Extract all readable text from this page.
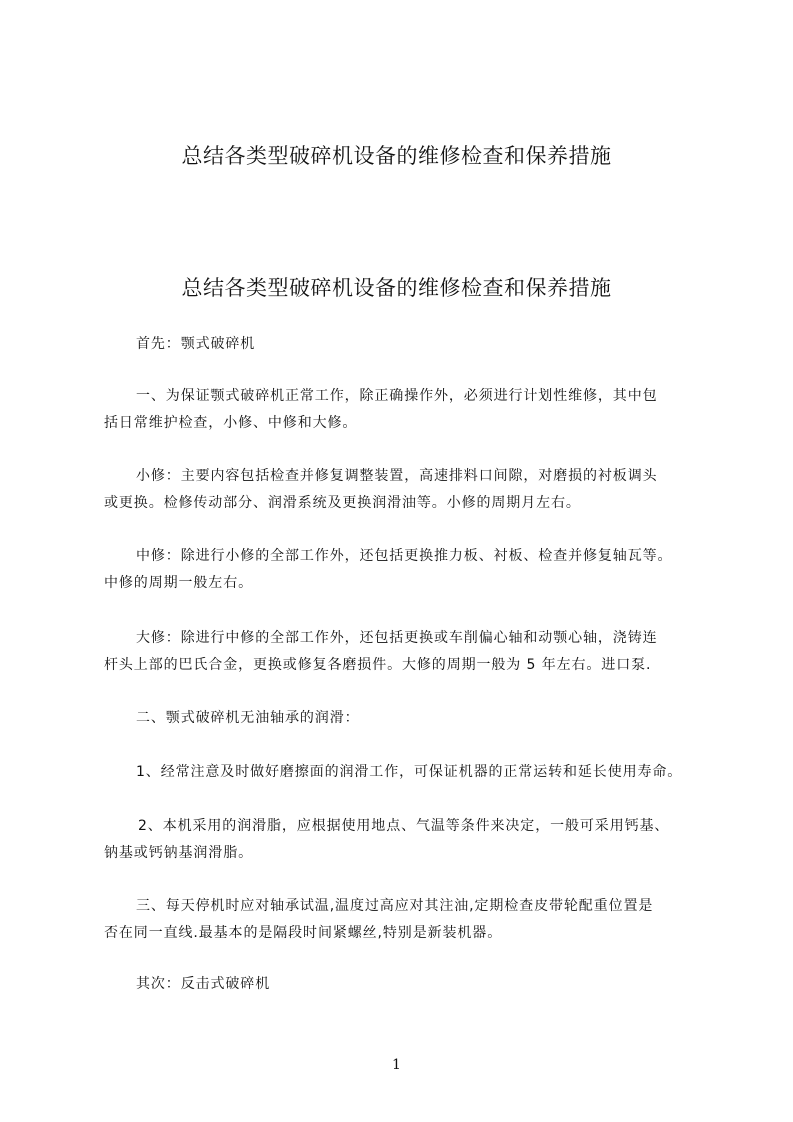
总结各类型破碎机设备的维修检查和保养措施
总结各类型破碎机设备的维修检查和保养措施
首先：颚式破碎机
一、为保证颚式破碎机正常工作，除正确操作外，必须进行计划性维修，其中包
括日常维护检查，小修、中修和大修。
小修：主要内容包括检查并修复调整装置，高速排料口间隙，对磨损的衬板调头
或更换。检修传动部分、润滑系统及更换润滑油等。小修的周期月左右。
中修：除进行小修的全部工作外，还包括更换推力板、衬板、检查并修复轴瓦等。
中修的周期一般左右。
大修：除进行中修的全部工作外，还包括更换或车削偏心轴和动颚心轴，浇铸连
杆头上部的巴氏合金，更换或修复各磨损件。大修的周期一般为 5 年左右。进口泵.
二、颚式破碎机无油轴承的润滑：
1、经常注意及时做好磨擦面的润滑工作，可保证机器的正常运转和延长使用寿命。
2、本机采用的润滑脂，应根据使用地点、气温等条件来决定，一般可采用钙基、
钠基或钙钠基润滑脂。
三、每天停机时应对轴承试温,温度过高应对其注油,定期检查皮带轮配重位置是
否在同一直线.最基本的是隔段时间紧螺丝,特别是新装机器。
其次：反击式破碎机
1
